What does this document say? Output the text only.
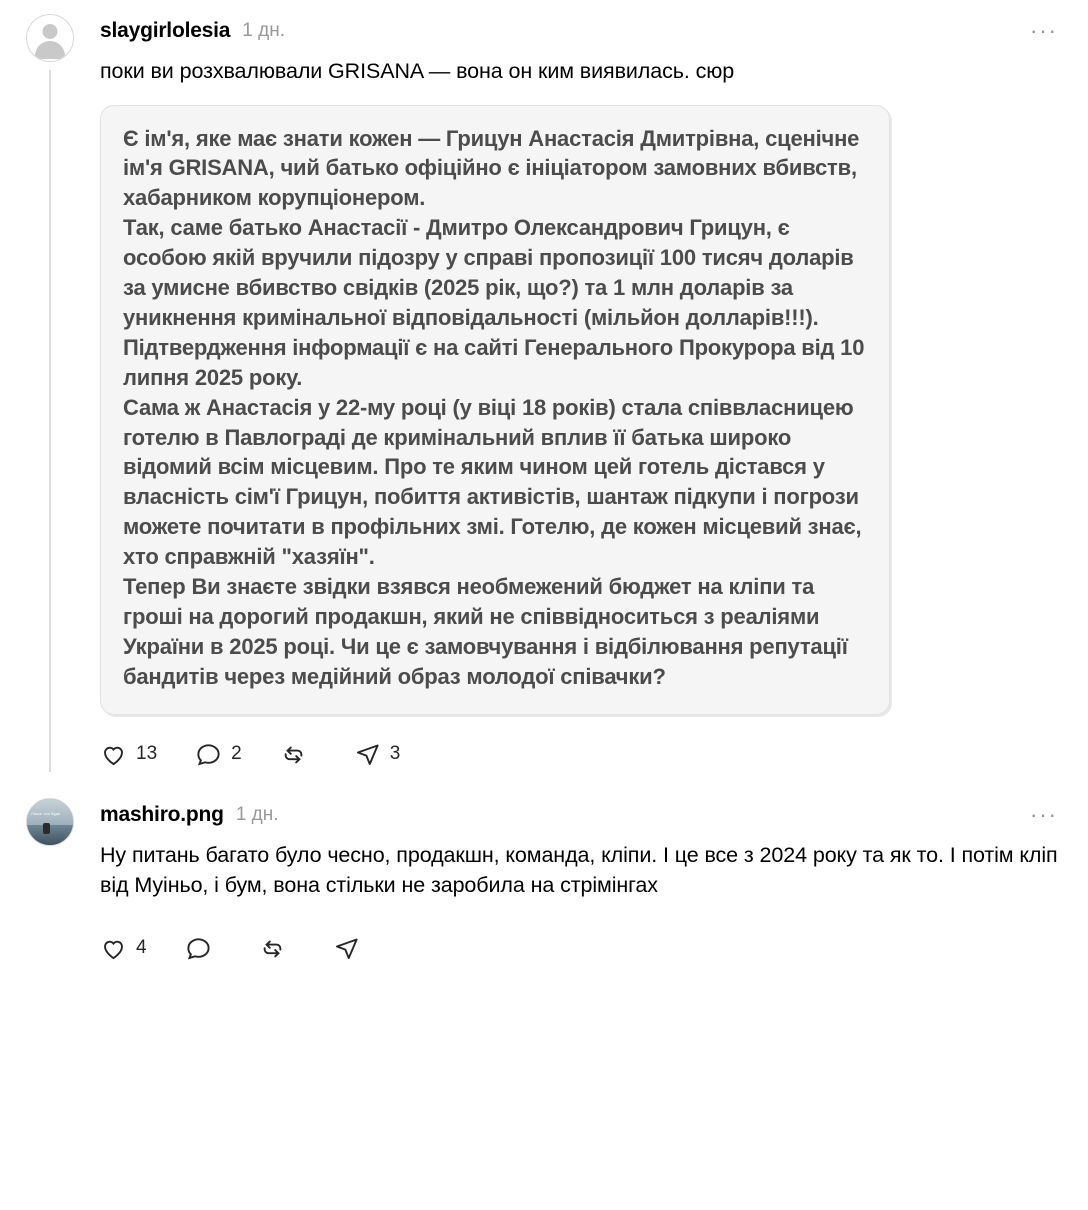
slaygirlolesia 1 дн.	···
поки ви розхвалювали GRISANA — вона он ким виявилась. сюр

Є ім'я, яке має знати кожен — Грицун Анастасія Дмитрівна, сценічне ім'я GRISANA, чий батько офіційно є ініціатором замовних вбивств, хабарником корупціонером.

Так, саме батько Анастасії - Дмитро Олександрович Грицун, є особою якій вручили підозру у справі пропозиції 100 тисяч доларів за умисне вбивство свідків (2025 рік, що?) та 1 млн доларів за уникнення кримінальної відповідальності (мільйон долларів!!!). Підтвердження інформації є на сайті Генерального Прокурора від 10 липня 2025 року.

Сама ж Анастасія у 22-му році (у віці 18 років) стала співвласницею готелю в Павлограді де кримінальний вплив її батька широко відомий всім місцевим. Про те яким чином цей готель дістався у власність сім'ї Грицун, побиття активістів, шантаж підкупи і погрози можете почитати в профільних змі. Готелю, де кожен місцевий знає, хто справжній "хазяїн".

Тепер Ви знаєте звідки взявся необмежений бюджет на кліпи та гроші на дорогий продакшн, який не співвідноситься з реаліями України в 2025 році. Чи це є замовчування і відбілювання репутації бандитів через медійний образ молодої співачки?

13	2	3
Лише так буде mashiro.png 1 дн.	···
Ну питань багато було чесно, продакшн, команда, кліпи. І це все з 2024 року та як то. І потім кліп від Муіньо, і бум, вона стільки не заробила на стрімінгах
4
